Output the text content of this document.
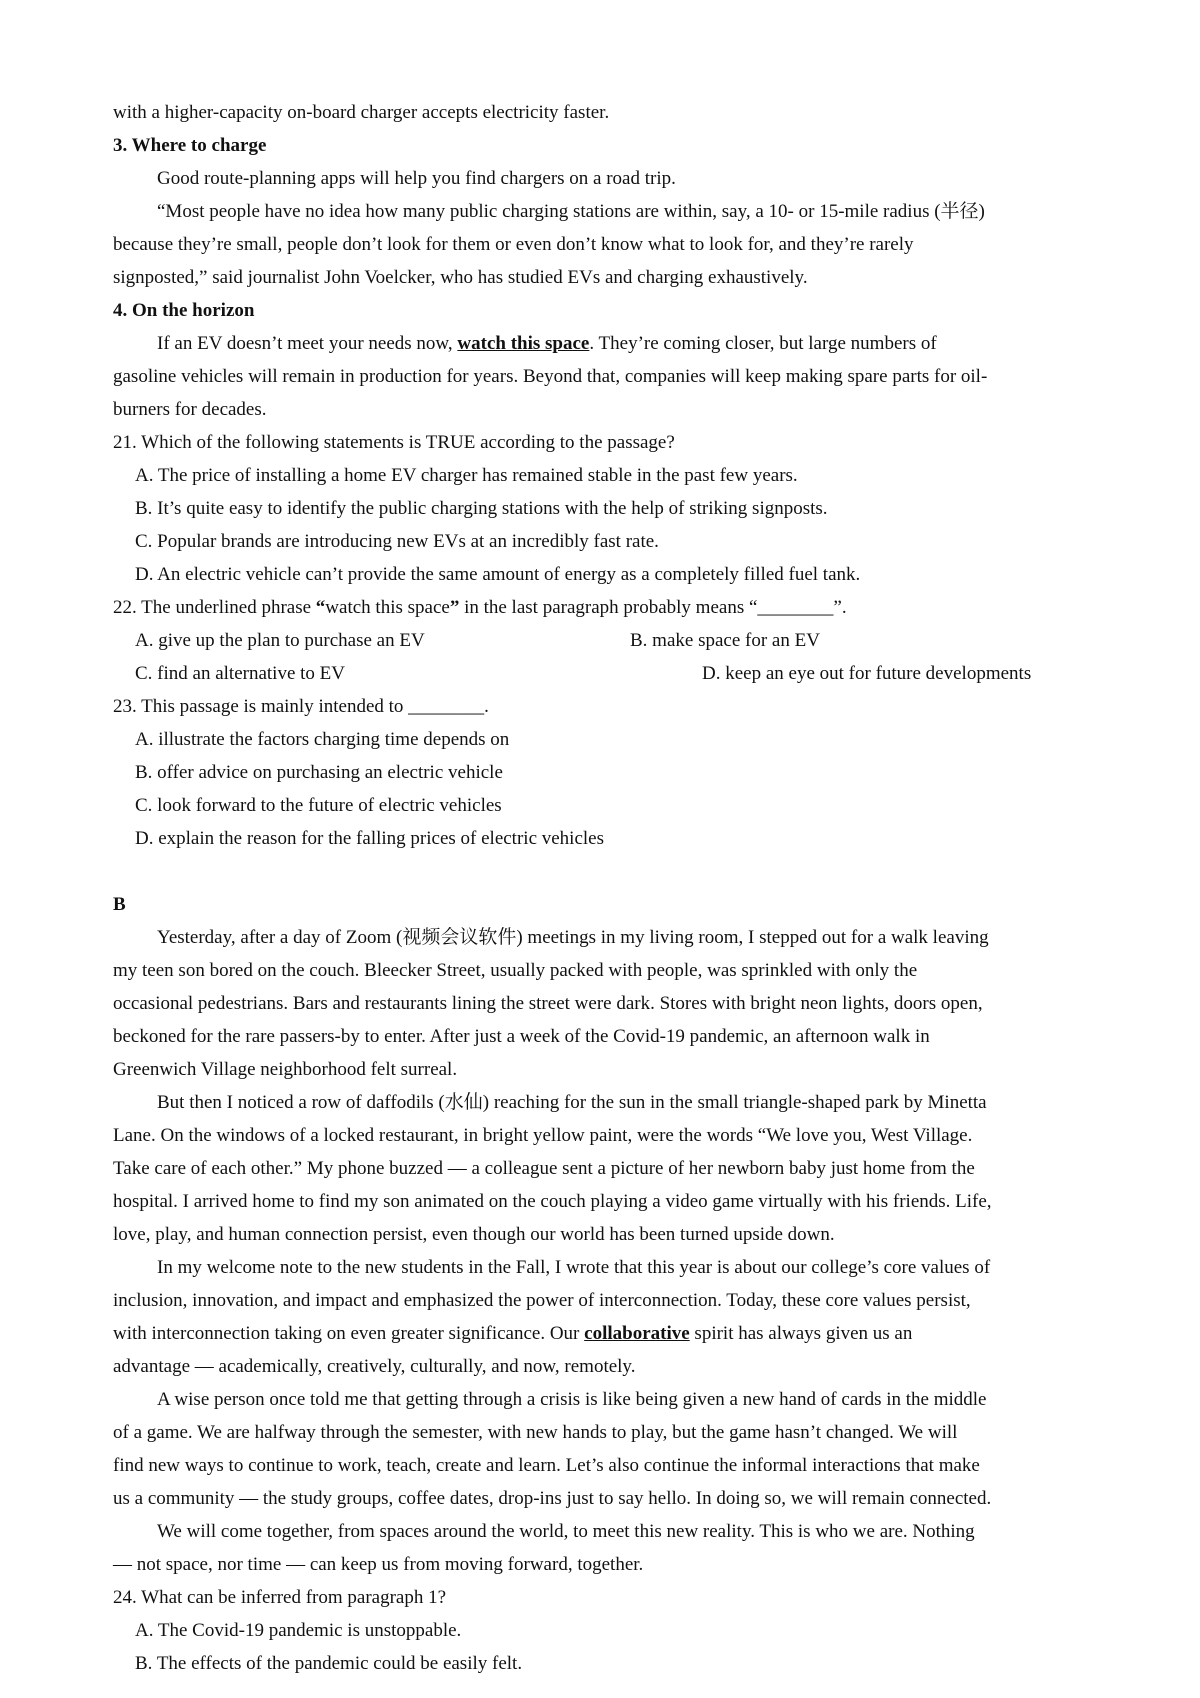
with a higher-capacity on-board charger accepts electricity faster.
3. Where to charge
Good route-planning apps will help you find chargers on a road trip.
“Most people have no idea how many public charging stations are within, say, a 10- or 15-mile radius (半径)
because they’re small, people don’t look for them or even don’t know what to look for, and they’re rarely
signposted,” said journalist John Voelcker, who has studied EVs and charging exhaustively.
4. On the horizon
If an EV doesn’t meet your needs now, watch this space. They’re coming closer, but large numbers of
gasoline vehicles will remain in production for years. Beyond that, companies will keep making spare parts for oil-
burners for decades.
21. Which of the following statements is TRUE according to the passage?
A. The price of installing a home EV charger has remained stable in the past few years.
B. It’s quite easy to identify the public charging stations with the help of striking signposts.
C. Popular brands are introducing new EVs at an incredibly fast rate.
D. An electric vehicle can’t provide the same amount of energy as a completely filled fuel tank.
22. The underlined phrase “watch this space” in the last paragraph probably means “________”.
A. give up the plan to purchase an EV	B. make space for an EV
C. find an alternative to EV	D. keep an eye out for future developments
23. This passage is mainly intended to ________.
A. illustrate the factors charging time depends on
B. offer advice on purchasing an electric vehicle
C. look forward to the future of electric vehicles
D. explain the reason for the falling prices of electric vehicles
B
Yesterday, after a day of Zoom (视频会议软件) meetings in my living room, I stepped out for a walk leaving
my teen son bored on the couch. Bleecker Street, usually packed with people, was sprinkled with only the
occasional pedestrians. Bars and restaurants lining the street were dark. Stores with bright neon lights, doors open,
beckoned for the rare passers-by to enter. After just a week of the Covid-19 pandemic, an afternoon walk in
Greenwich Village neighborhood felt surreal.
But then I noticed a row of daffodils (水仙) reaching for the sun in the small triangle-shaped park by Minetta
Lane. On the windows of a locked restaurant, in bright yellow paint, were the words “We love you, West Village.
Take care of each other.” My phone buzzed — a colleague sent a picture of her newborn baby just home from the
hospital. I arrived home to find my son animated on the couch playing a video game virtually with his friends. Life,
love, play, and human connection persist, even though our world has been turned upside down.
In my welcome note to the new students in the Fall, I wrote that this year is about our college’s core values of
inclusion, innovation, and impact and emphasized the power of interconnection. Today, these core values persist,
with interconnection taking on even greater significance. Our collaborative spirit has always given us an
advantage — academically, creatively, culturally, and now, remotely.
A wise person once told me that getting through a crisis is like being given a new hand of cards in the middle
of a game. We are halfway through the semester, with new hands to play, but the game hasn’t changed. We will
find new ways to continue to work, teach, create and learn. Let’s also continue the informal interactions that make
us a community — the study groups, coffee dates, drop-ins just to say hello. In doing so, we will remain connected.
We will come together, from spaces around the world, to meet this new reality. This is who we are. Nothing
— not space, nor time — can keep us from moving forward, together.
24. What can be inferred from paragraph 1?
A. The Covid-19 pandemic is unstoppable.
B. The effects of the pandemic could be easily felt.
